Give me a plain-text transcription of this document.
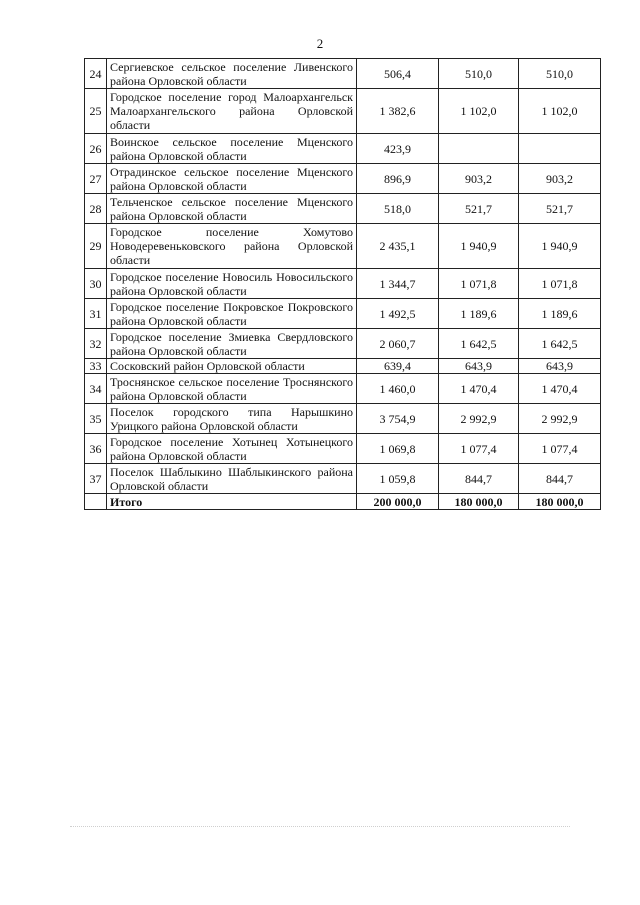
2
24	Сергиевское сельское поселение Ливенского района Орловской области	506,4	510,0	510,0
25	Городское поселение город Малоархангельск Малоархангельского района Орловской области	1 382,6	1 102,0	1 102,0
26	Воинское сельское поселение Мценского района Орловской области	423,9		
27	Отрадинское сельское поселение Мценского района Орловской области	896,9	903,2	903,2
28	Тельченское сельское поселение Мценского района Орловской области	518,0	521,7	521,7
29	Городское поселение Хомутово Новодеревеньковского района Орловской области	2 435,1	1 940,9	1 940,9
30	Городское поселение Новосиль Новосильского района Орловской области	1 344,7	1 071,8	1 071,8
31	Городское поселение Покровское Покровского района Орловской области	1 492,5	1 189,6	1 189,6
32	Городское поселение Змиевка Свердловского района Орловской области	2 060,7	1 642,5	1 642,5
33	Сосковский район Орловской области	639,4	643,9	643,9
34	Троснянское сельское поселение Троснянского района Орловской области	1 460,0	1 470,4	1 470,4
35	Поселок городского типа Нарышкино Урицкого района Орловской области	3 754,9	2 992,9	2 992,9
36	Городское поселение Хотынец Хотынецкого района Орловской области	1 069,8	1 077,4	1 077,4
37	Поселок Шаблыкино Шаблыкинского района Орловской области	1 059,8	844,7	844,7
	Итого	200 000,0	180 000,0	180 000,0
